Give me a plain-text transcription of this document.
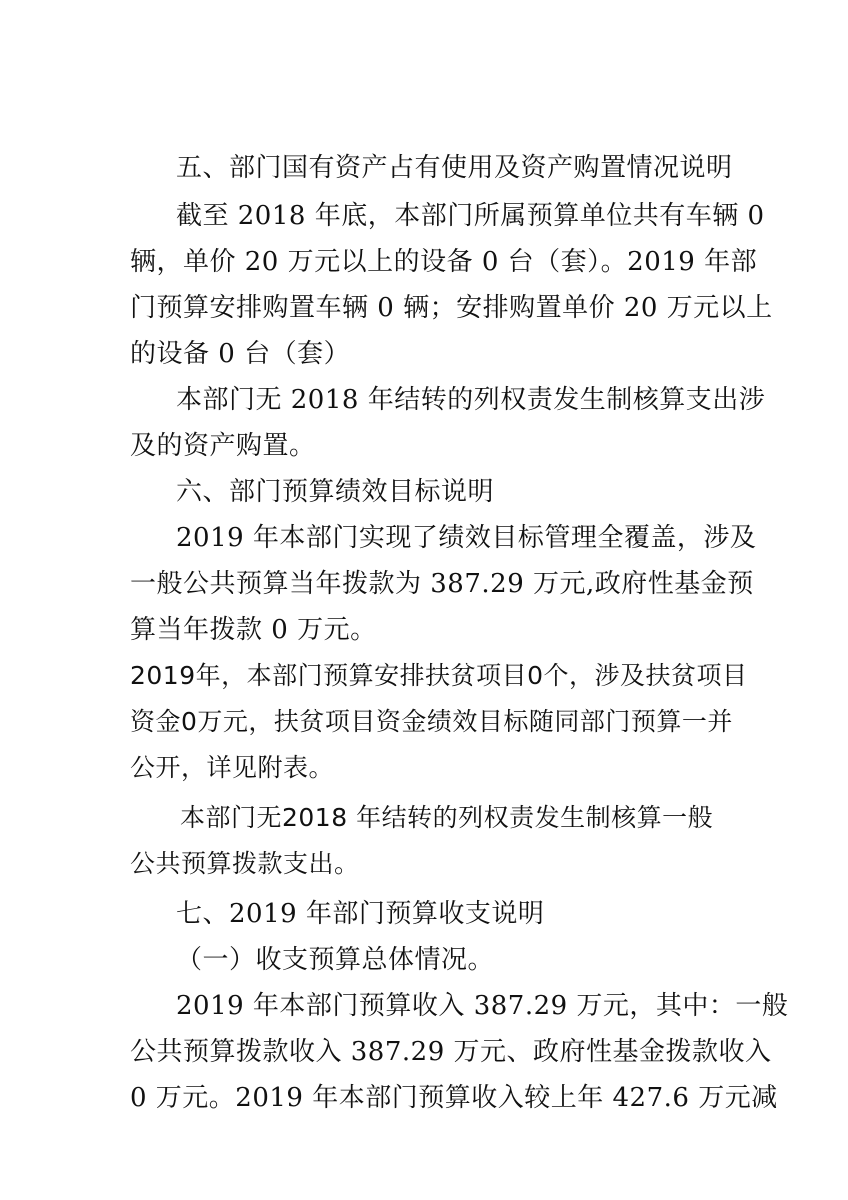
五、部门国有资产占有使用及资产购置情况说明
截至 2018 年底，本部门所属预算单位共有车辆 0
辆，单价 20 万元以上的设备 0 台（套）。2019 年部
门预算安排购置车辆 0 辆；安排购置单价 20 万元以上
的设备 0 台（套）
本部门无 2018 年结转的列权责发生制核算支出涉
及的资产购置。
六、部门预算绩效目标说明
2019 年本部门实现了绩效目标管理全覆盖，涉及
一般公共预算当年拨款为 387.29 万元,政府性基金预
算当年拨款 0 万元。
2019年，本部门预算安排扶贫项目0个，涉及扶贫项目
资金0万元，扶贫项目资金绩效目标随同部门预算一并
公开，详见附表。
本部门无2018 年结转的列权责发生制核算一般
公共预算拨款支出。
七、2019 年部门预算收支说明
（一）收支预算总体情况。
2019 年本部门预算收入 387.29 万元，其中：一般
公共预算拨款收入 387.29 万元、政府性基金拨款收入
0 万元。2019 年本部门预算收入较上年 427.6 万元减
